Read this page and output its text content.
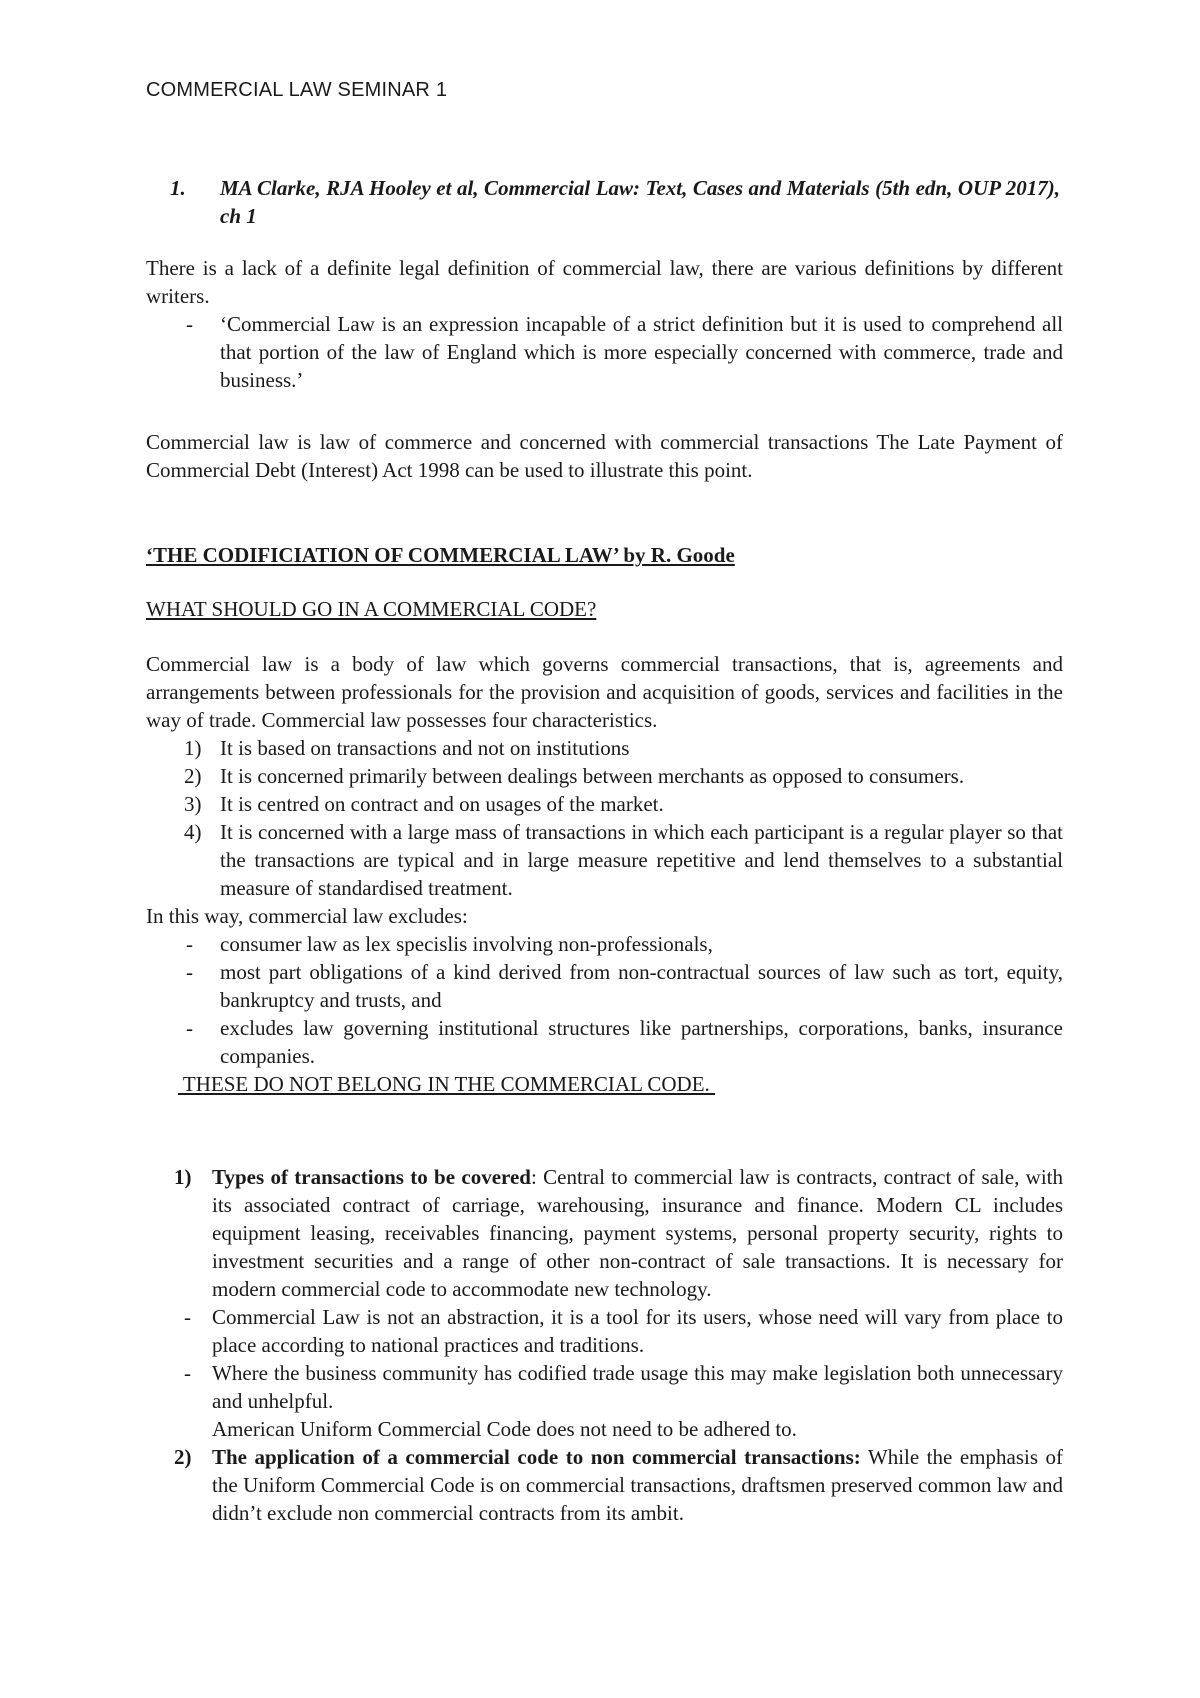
COMMERCIAL LAW SEMINAR 1
1. MA Clarke, RJA Hooley et al, Commercial Law: Text, Cases and Materials (5th edn, OUP 2017), ch 1
There is a lack of a definite legal definition of commercial law, there are various definitions by different writers.
- ‘Commercial Law is an expression incapable of a strict definition but it is used to comprehend all that portion of the law of England which is more especially concerned with commerce, trade and business.’
Commercial law is law of commerce and concerned with commercial transactions The Late Payment of Commercial Debt (Interest) Act 1998 can be used to illustrate this point.
‘THE CODIFICIATION OF COMMERCIAL LAW’ by R. Goode
WHAT SHOULD GO IN A COMMERCIAL CODE?
Commercial law is a body of law which governs commercial transactions, that is, agreements and arrangements between professionals for the provision and acquisition of goods, services and facilities in the way of trade. Commercial law possesses four characteristics.
1) It is based on transactions and not on institutions
2) It is concerned primarily between dealings between merchants as opposed to consumers.
3) It is centred on contract and on usages of the market.
4) It is concerned with a large mass of transactions in which each participant is a regular player so that the transactions are typical and in large measure repetitive and lend themselves to a substantial measure of standardised treatment.
In this way, commercial law excludes:
- consumer law as lex specislis involving non-professionals,
- most part obligations of a kind derived from non-contractual sources of law such as tort, equity, bankruptcy and trusts, and
- excludes law governing institutional structures like partnerships, corporations, banks, insurance companies.
THESE DO NOT BELONG IN THE COMMERCIAL CODE.
1) Types of transactions to be covered: Central to commercial law is contracts, contract of sale, with its associated contract of carriage, warehousing, insurance and finance. Modern CL includes equipment leasing, receivables financing, payment systems, personal property security, rights to investment securities and a range of other non-contract of sale transactions. It is necessary for modern commercial code to accommodate new technology.
- Commercial Law is not an abstraction, it is a tool for its users, whose need will vary from place to place according to national practices and traditions.
- Where the business community has codified trade usage this may make legislation both unnecessary and unhelpful.
American Uniform Commercial Code does not need to be adhered to.
2) The application of a commercial code to non commercial transactions: While the emphasis of the Uniform Commercial Code is on commercial transactions, draftsmen preserved common law and didn’t exclude non commercial contracts from its ambit.
